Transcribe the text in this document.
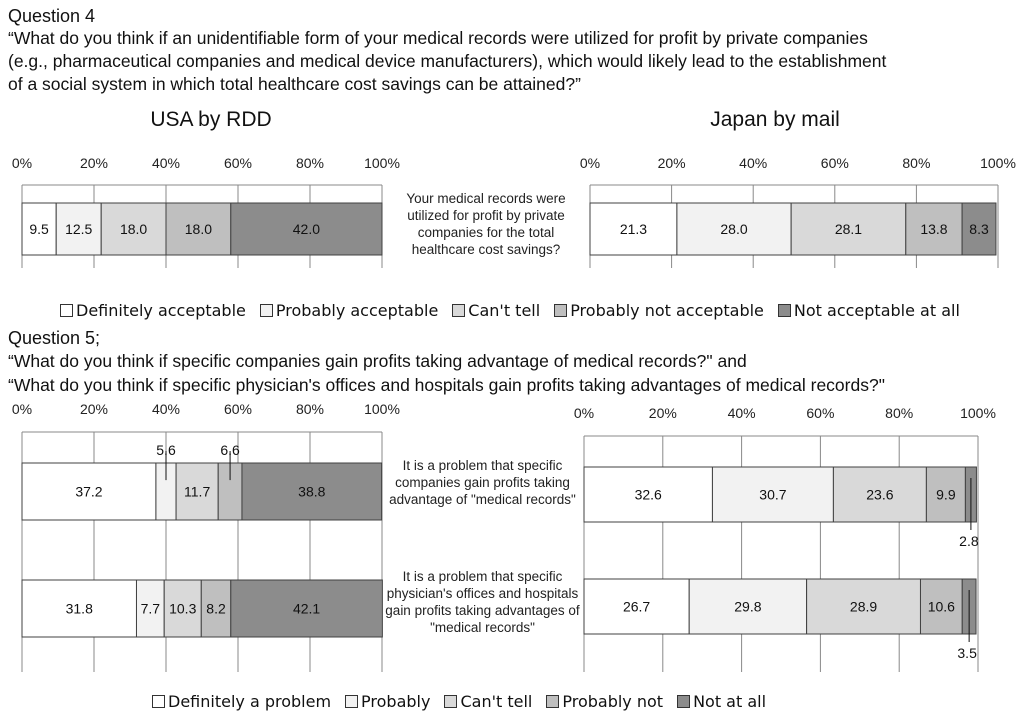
Question 4
“What do you think if an unidentifiable form of your medical records were utilized for profit by private companies
(e.g., pharmaceutical companies and medical device manufacturers), which would likely lead to the establishment
of a social system in which total healthcare cost savings can be attained?”
USA by RDD	Japan by mail
Your medical records were utilized for profit by private companies for the total healthcare cost savings?
Definitely acceptable Probably acceptable Can't tell Probably not acceptable Not acceptable at all
Question 5;
“What do you think if specific companies gain profits taking advantage of medical records?" and
“What do you think if specific physician's offices and hospitals gain profits taking advantages of medical records?"
It is a problem that specific companies gain profits taking advantage of "medical records"
It is a problem that specific physician's offices and hospitals gain profits taking advantages of "medical records"
Definitely a problem Probably Can't tell Probably not Not at all
0%	20%	40%	60%	80%	100%
9.5 12.5 18.0	18.0	42.0
0%	20%	40%	60%	80%	100%
21.3	28.0	28.1	13.8 8.3
0%	20%	40%	60%	80%	100%
37.2
5.6
11.7
6.6
38.8
31.8	7.7 10.3 8.2	42.1
0%	20%	40%	60%	80%	100%
32.6	30.7	23.6	9.9
2.8
26.7	29.8	28.9	10.6
3.5
